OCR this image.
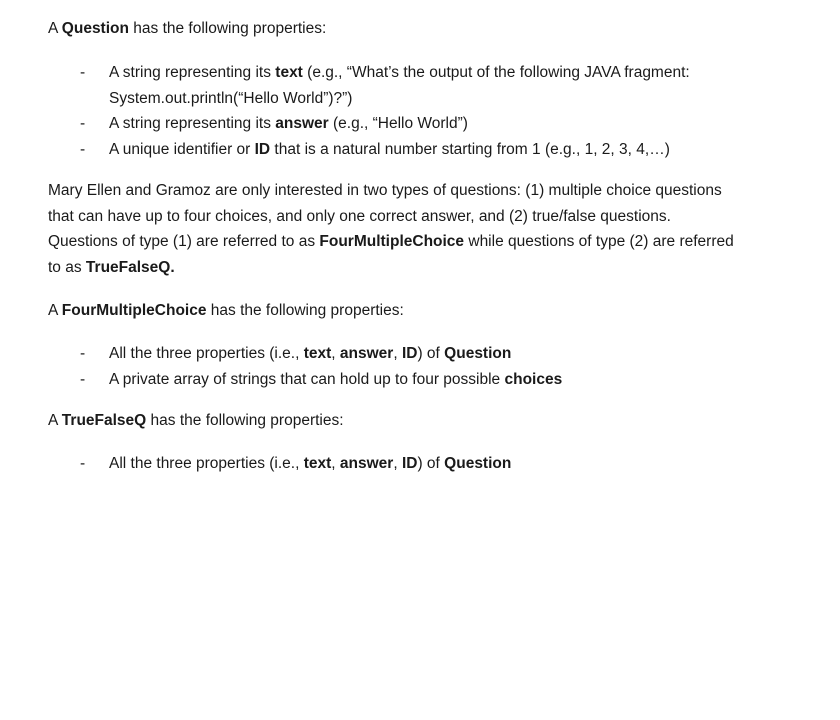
A Question has the following properties:

- A string representing its text (e.g., “What’s the output of the following JAVA fragment:
System.out.println(“Hello World”)?”)
- A string representing its answer (e.g., “Hello World”)
- A unique identifier or ID that is a natural number starting from 1 (e.g., 1, 2, 3, 4,…)

Mary Ellen and Gramoz are only interested in two types of questions: (1) multiple choice questions
that can have up to four choices, and only one correct answer, and (2) true/false questions.
Questions of type (1) are referred to as FourMultipleChoice while questions of type (2) are referred
to as TrueFalseQ.

A FourMultipleChoice has the following properties:

- All the three properties (i.e., text, answer, ID) of Question
- A private array of strings that can hold up to four possible choices

A TrueFalseQ has the following properties:

- All the three properties (i.e., text, answer, ID) of Question
